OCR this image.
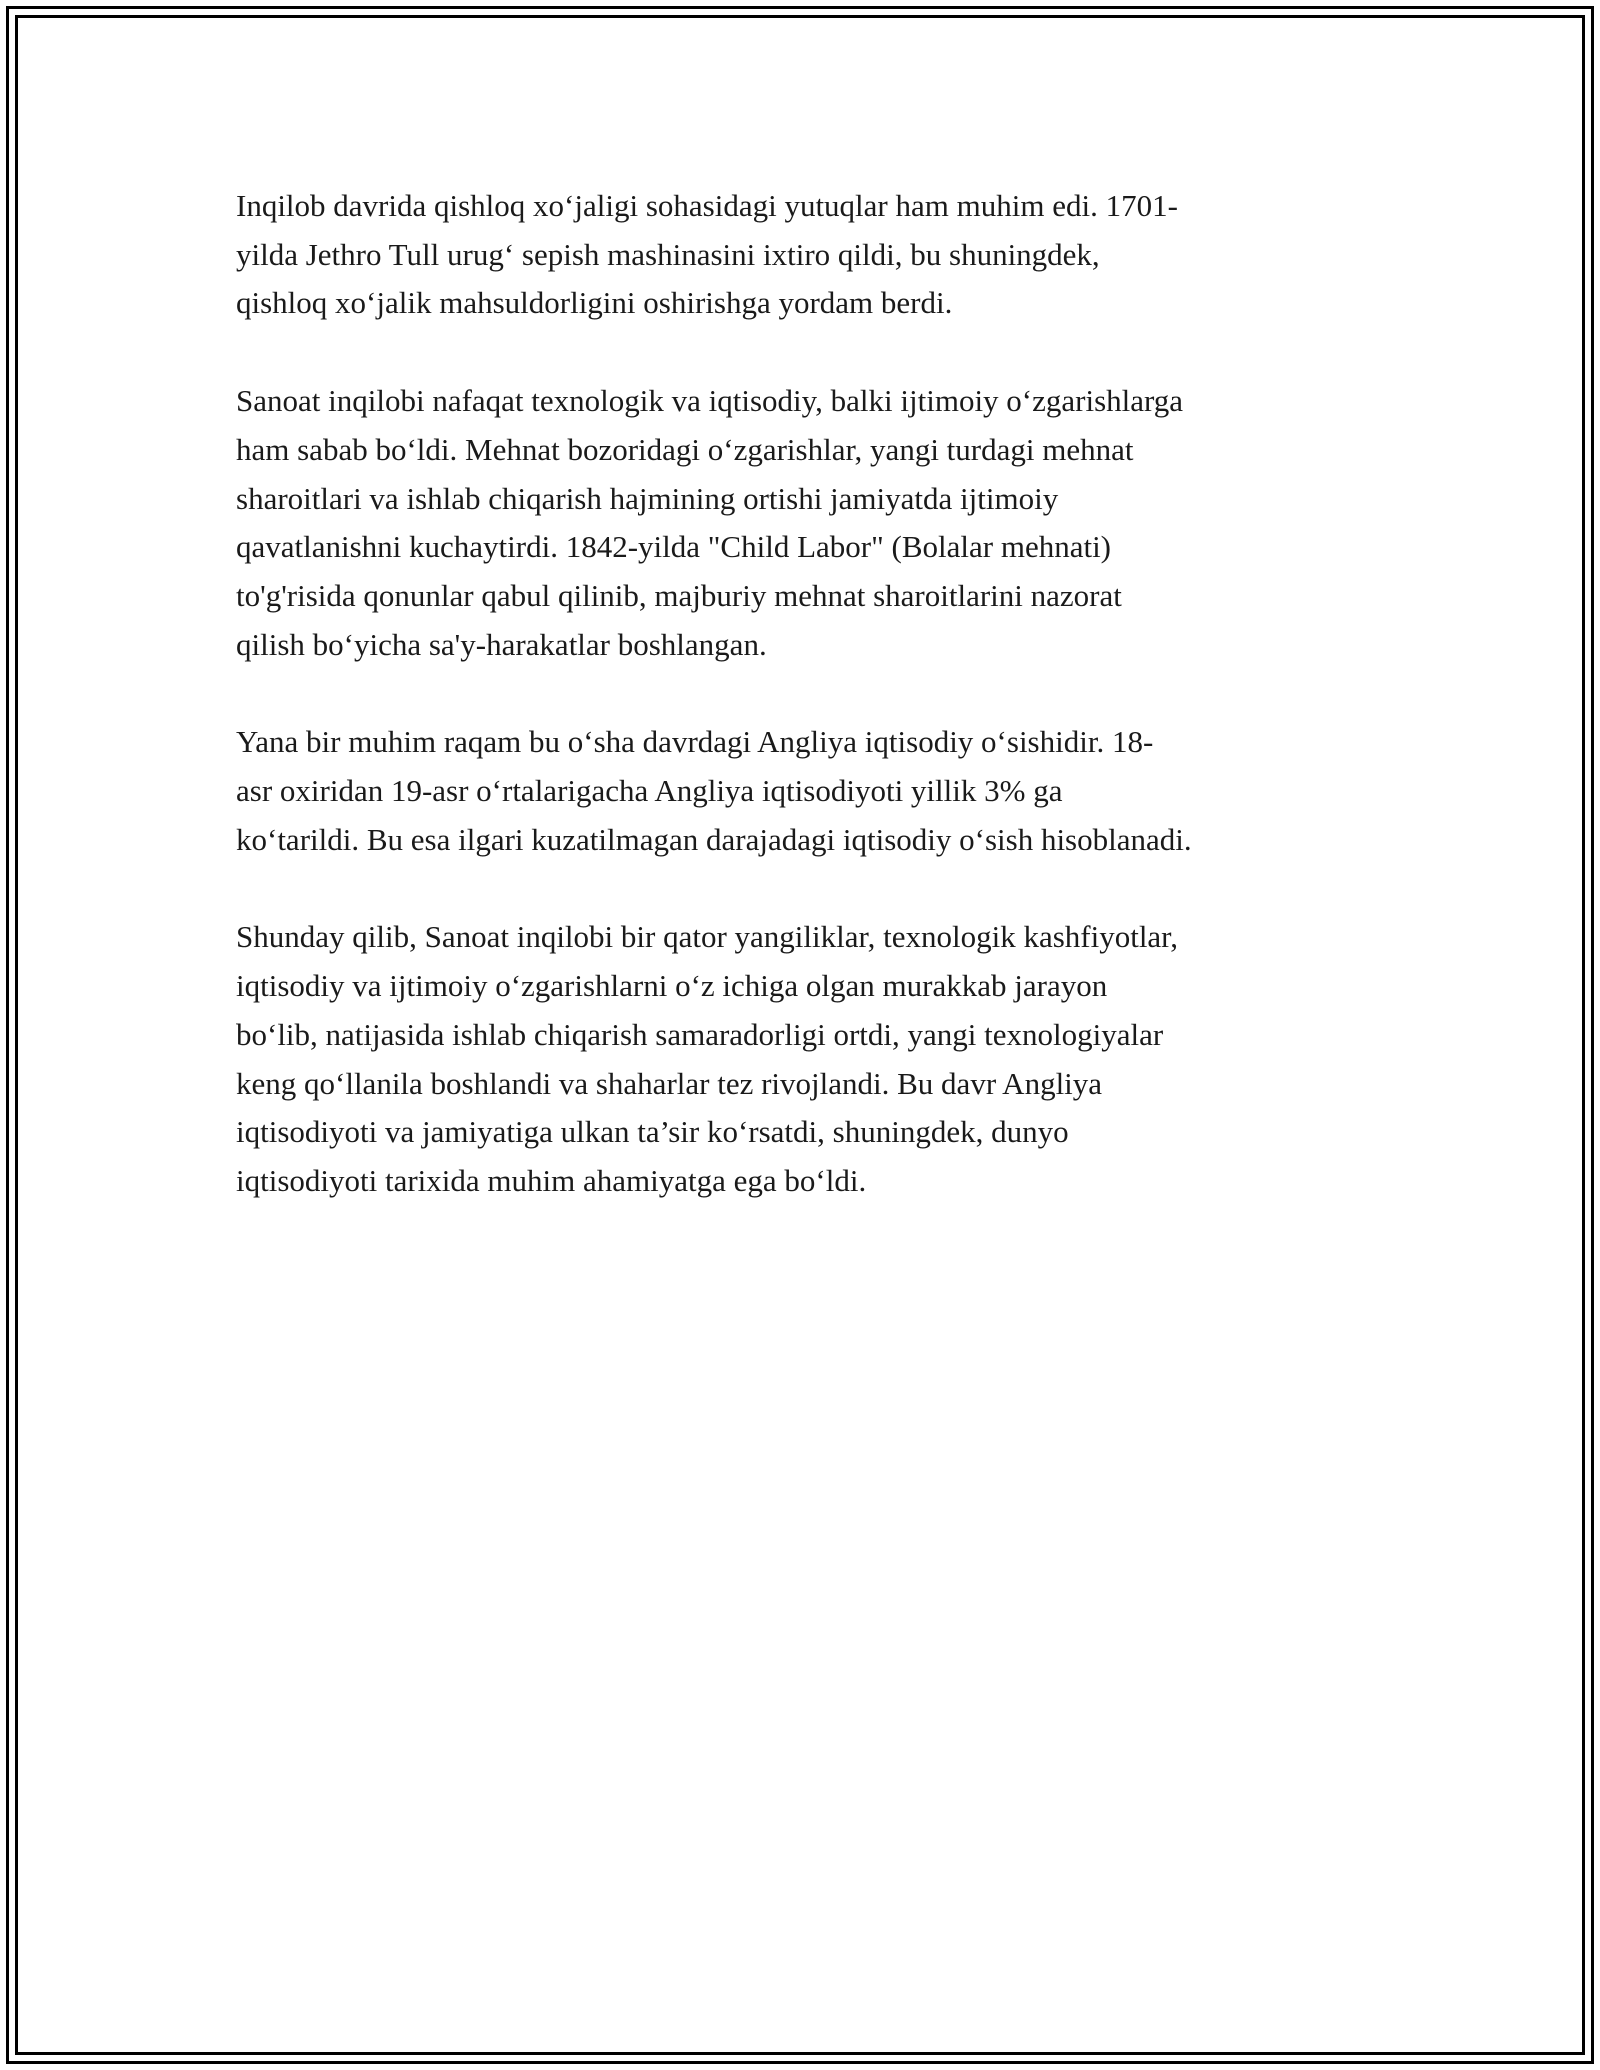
Inqilob davrida qishloq xo‘jaligi sohasidagi yutuqlar ham muhim edi. 1701-
yilda Jethro Tull urug‘ sepish mashinasini ixtiro qildi, bu shuningdek,
qishloq xo‘jalik mahsuldorligini oshirishga yordam berdi.

Sanoat inqilobi nafaqat texnologik va iqtisodiy, balki ijtimoiy o‘zgarishlarga
ham sabab bo‘ldi. Mehnat bozoridagi o‘zgarishlar, yangi turdagi mehnat
sharoitlari va ishlab chiqarish hajmining ortishi jamiyatda ijtimoiy
qavatlanishni kuchaytirdi. 1842-yilda "Child Labor" (Bolalar mehnati)
to'g'risida qonunlar qabul qilinib, majburiy mehnat sharoitlarini nazorat
qilish bo‘yicha sa'y-harakatlar boshlangan.

Yana bir muhim raqam bu o‘sha davrdagi Angliya iqtisodiy o‘sishidir. 18-
asr oxiridan 19-asr o‘rtalarigacha Angliya iqtisodiyoti yillik 3% ga
ko‘tarildi. Bu esa ilgari kuzatilmagan darajadagi iqtisodiy o‘sish hisoblanadi.

Shunday qilib, Sanoat inqilobi bir qator yangiliklar, texnologik kashfiyotlar,
iqtisodiy va ijtimoiy o‘zgarishlarni o‘z ichiga olgan murakkab jarayon
bo‘lib, natijasida ishlab chiqarish samaradorligi ortdi, yangi texnologiyalar
keng qo‘llanila boshlandi va shaharlar tez rivojlandi. Bu davr Angliya
iqtisodiyoti va jamiyatiga ulkan ta’sir ko‘rsatdi, shuningdek, dunyo
iqtisodiyoti tarixida muhim ahamiyatga ega bo‘ldi.
